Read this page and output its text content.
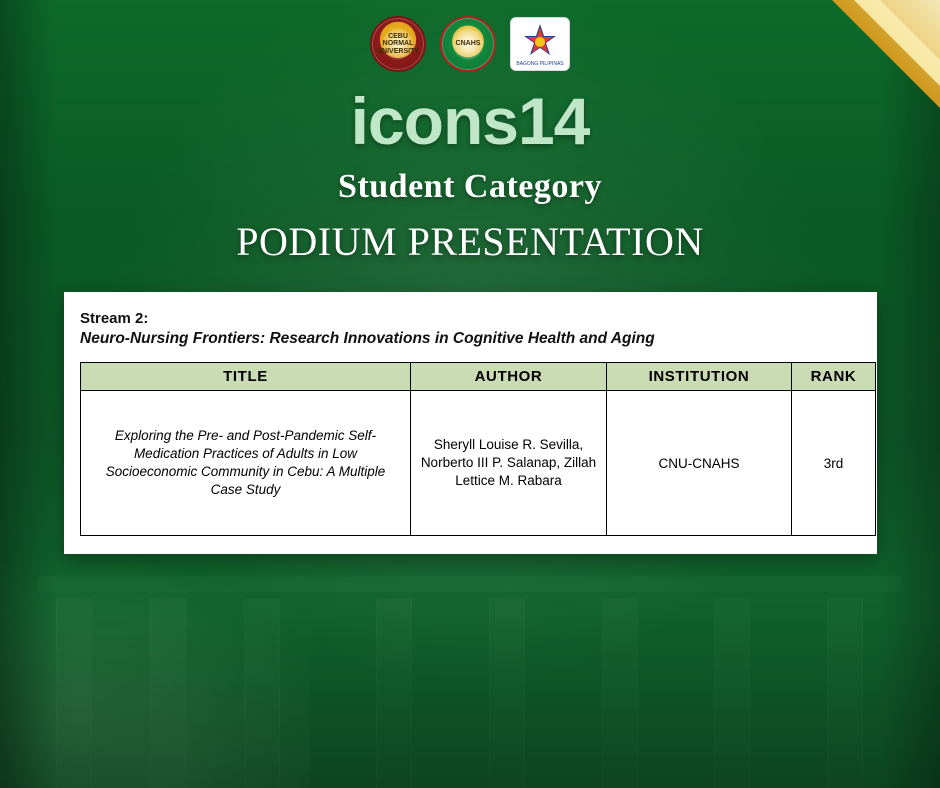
CEBU NORMAL UNIVERSITY
CNAHS
BAGONG PILIPINAS
icons14
Student Category
PODIUM PRESENTATION

Stream 2:

Neuro-Nursing Frontiers: Research Innovations in Cognitive Health and Aging

TITLE	AUTHOR	INSTITUTION	RANK
Exploring the Pre- and Post-Pandemic Self-Medication Practices of Adults in Low Socioeconomic Community in Cebu: A Multiple Case Study	Sheryll Louise R. Sevilla, Norberto III P. Salanap, Zillah Lettice M. Rabara	CNU-CNAHS	3rd
